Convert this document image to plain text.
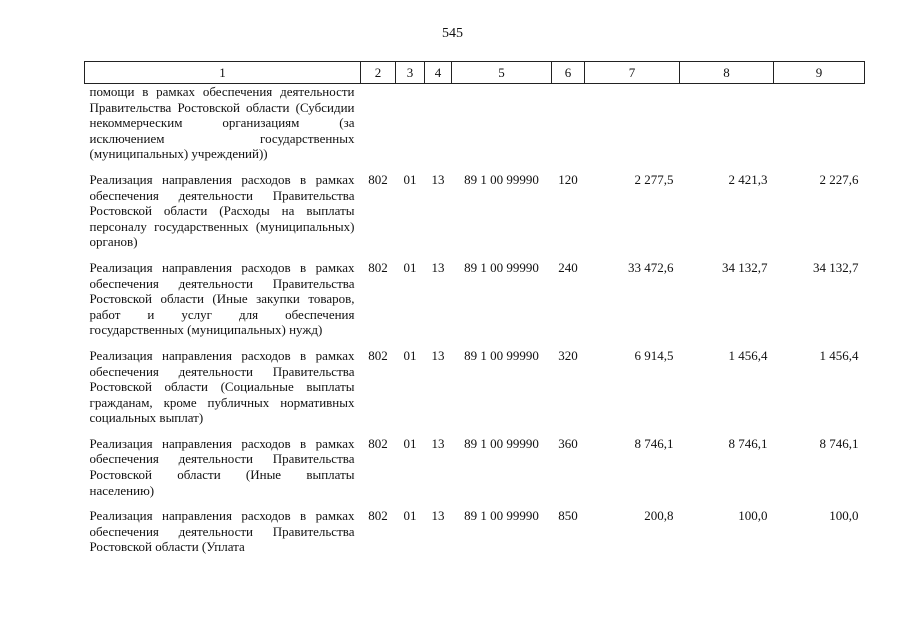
545
1	2	3	4	5	6	7	8	9
помощи в рамках обеспечения деятельности Правительства Ростовской области (Субсидии некоммерческим организациям (за исключением государственных (муниципальных) учреждений))								
Реализация направления расходов в рамках обеспечения деятельности Правительства Ростовской области (Расходы на выплаты персоналу государственных (муниципальных) органов)	802	01	13	89 1 00 99990	120	2 277,5	2 421,3	2 227,6
Реализация направления расходов в рамках обеспечения деятельности Правительства Ростовской области (Иные закупки товаров, работ и услуг для обеспечения государственных (муниципальных) нужд)	802	01	13	89 1 00 99990	240	33 472,6	34 132,7	34 132,7
Реализация направления расходов в рамках обеспечения деятельности Правительства Ростовской области (Социальные выплаты гражданам, кроме публичных нормативных социальных выплат)	802	01	13	89 1 00 99990	320	6 914,5	1 456,4	1 456,4
Реализация направления расходов в рамках обеспечения деятельности Правительства Ростовской области (Иные выплаты населению)	802	01	13	89 1 00 99990	360	8 746,1	8 746,1	8 746,1
Реализация направления расходов в рамках обеспечения деятельности Правительства Ростовской области (Уплата	802	01	13	89 1 00 99990	850	200,8	100,0	100,0
